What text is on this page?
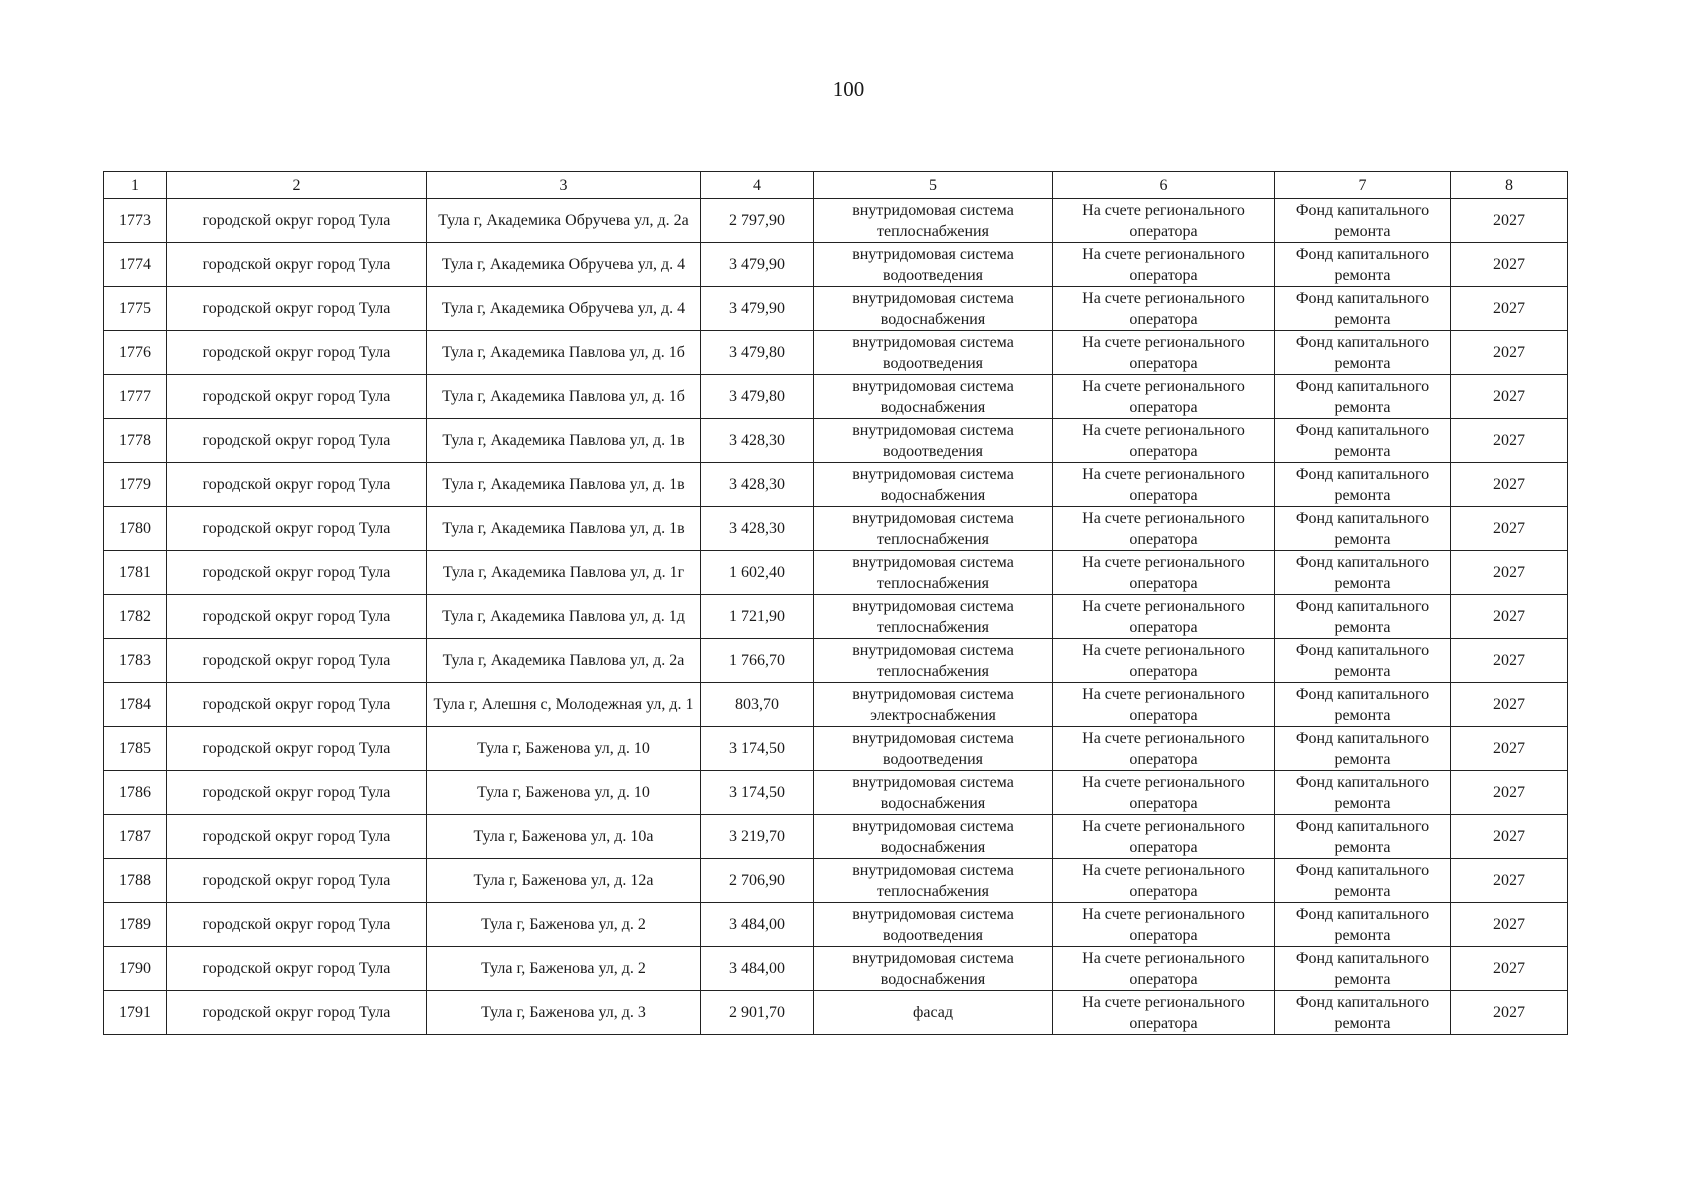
100
1	2	3	4	5	6	7	8
1773	городской округ город Тула	Тула г, Академика Обручева ул, д. 2а	2 797,90	внутридомовая система теплоснабжения	На счете регионального оператора	Фонд капитального ремонта	2027
1774	городской округ город Тула	Тула г, Академика Обручева ул, д. 4	3 479,90	внутридомовая система водоотведения	На счете регионального оператора	Фонд капитального ремонта	2027
1775	городской округ город Тула	Тула г, Академика Обручева ул, д. 4	3 479,90	внутридомовая система водоснабжения	На счете регионального оператора	Фонд капитального ремонта	2027
1776	городской округ город Тула	Тула г, Академика Павлова ул, д. 1б	3 479,80	внутридомовая система водоотведения	На счете регионального оператора	Фонд капитального ремонта	2027
1777	городской округ город Тула	Тула г, Академика Павлова ул, д. 1б	3 479,80	внутридомовая система водоснабжения	На счете регионального оператора	Фонд капитального ремонта	2027
1778	городской округ город Тула	Тула г, Академика Павлова ул, д. 1в	3 428,30	внутридомовая система водоотведения	На счете регионального оператора	Фонд капитального ремонта	2027
1779	городской округ город Тула	Тула г, Академика Павлова ул, д. 1в	3 428,30	внутридомовая система водоснабжения	На счете регионального оператора	Фонд капитального ремонта	2027
1780	городской округ город Тула	Тула г, Академика Павлова ул, д. 1в	3 428,30	внутридомовая система теплоснабжения	На счете регионального оператора	Фонд капитального ремонта	2027
1781	городской округ город Тула	Тула г, Академика Павлова ул, д. 1г	1 602,40	внутридомовая система теплоснабжения	На счете регионального оператора	Фонд капитального ремонта	2027
1782	городской округ город Тула	Тула г, Академика Павлова ул, д. 1д	1 721,90	внутридомовая система теплоснабжения	На счете регионального оператора	Фонд капитального ремонта	2027
1783	городской округ город Тула	Тула г, Академика Павлова ул, д. 2а	1 766,70	внутридомовая система теплоснабжения	На счете регионального оператора	Фонд капитального ремонта	2027
1784	городской округ город Тула	Тула г, Алешня с, Молодежная ул, д. 1	803,70	внутридомовая система электроснабжения	На счете регионального оператора	Фонд капитального ремонта	2027
1785	городской округ город Тула	Тула г, Баженова ул, д. 10	3 174,50	внутридомовая система водоотведения	На счете регионального оператора	Фонд капитального ремонта	2027
1786	городской округ город Тула	Тула г, Баженова ул, д. 10	3 174,50	внутридомовая система водоснабжения	На счете регионального оператора	Фонд капитального ремонта	2027
1787	городской округ город Тула	Тула г, Баженова ул, д. 10а	3 219,70	внутридомовая система водоснабжения	На счете регионального оператора	Фонд капитального ремонта	2027
1788	городской округ город Тула	Тула г, Баженова ул, д. 12а	2 706,90	внутридомовая система теплоснабжения	На счете регионального оператора	Фонд капитального ремонта	2027
1789	городской округ город Тула	Тула г, Баженова ул, д. 2	3 484,00	внутридомовая система водоотведения	На счете регионального оператора	Фонд капитального ремонта	2027
1790	городской округ город Тула	Тула г, Баженова ул, д. 2	3 484,00	внутридомовая система водоснабжения	На счете регионального оператора	Фонд капитального ремонта	2027
1791	городской округ город Тула	Тула г, Баженова ул, д. 3	2 901,70	фасад	На счете регионального оператора	Фонд капитального ремонта	2027
